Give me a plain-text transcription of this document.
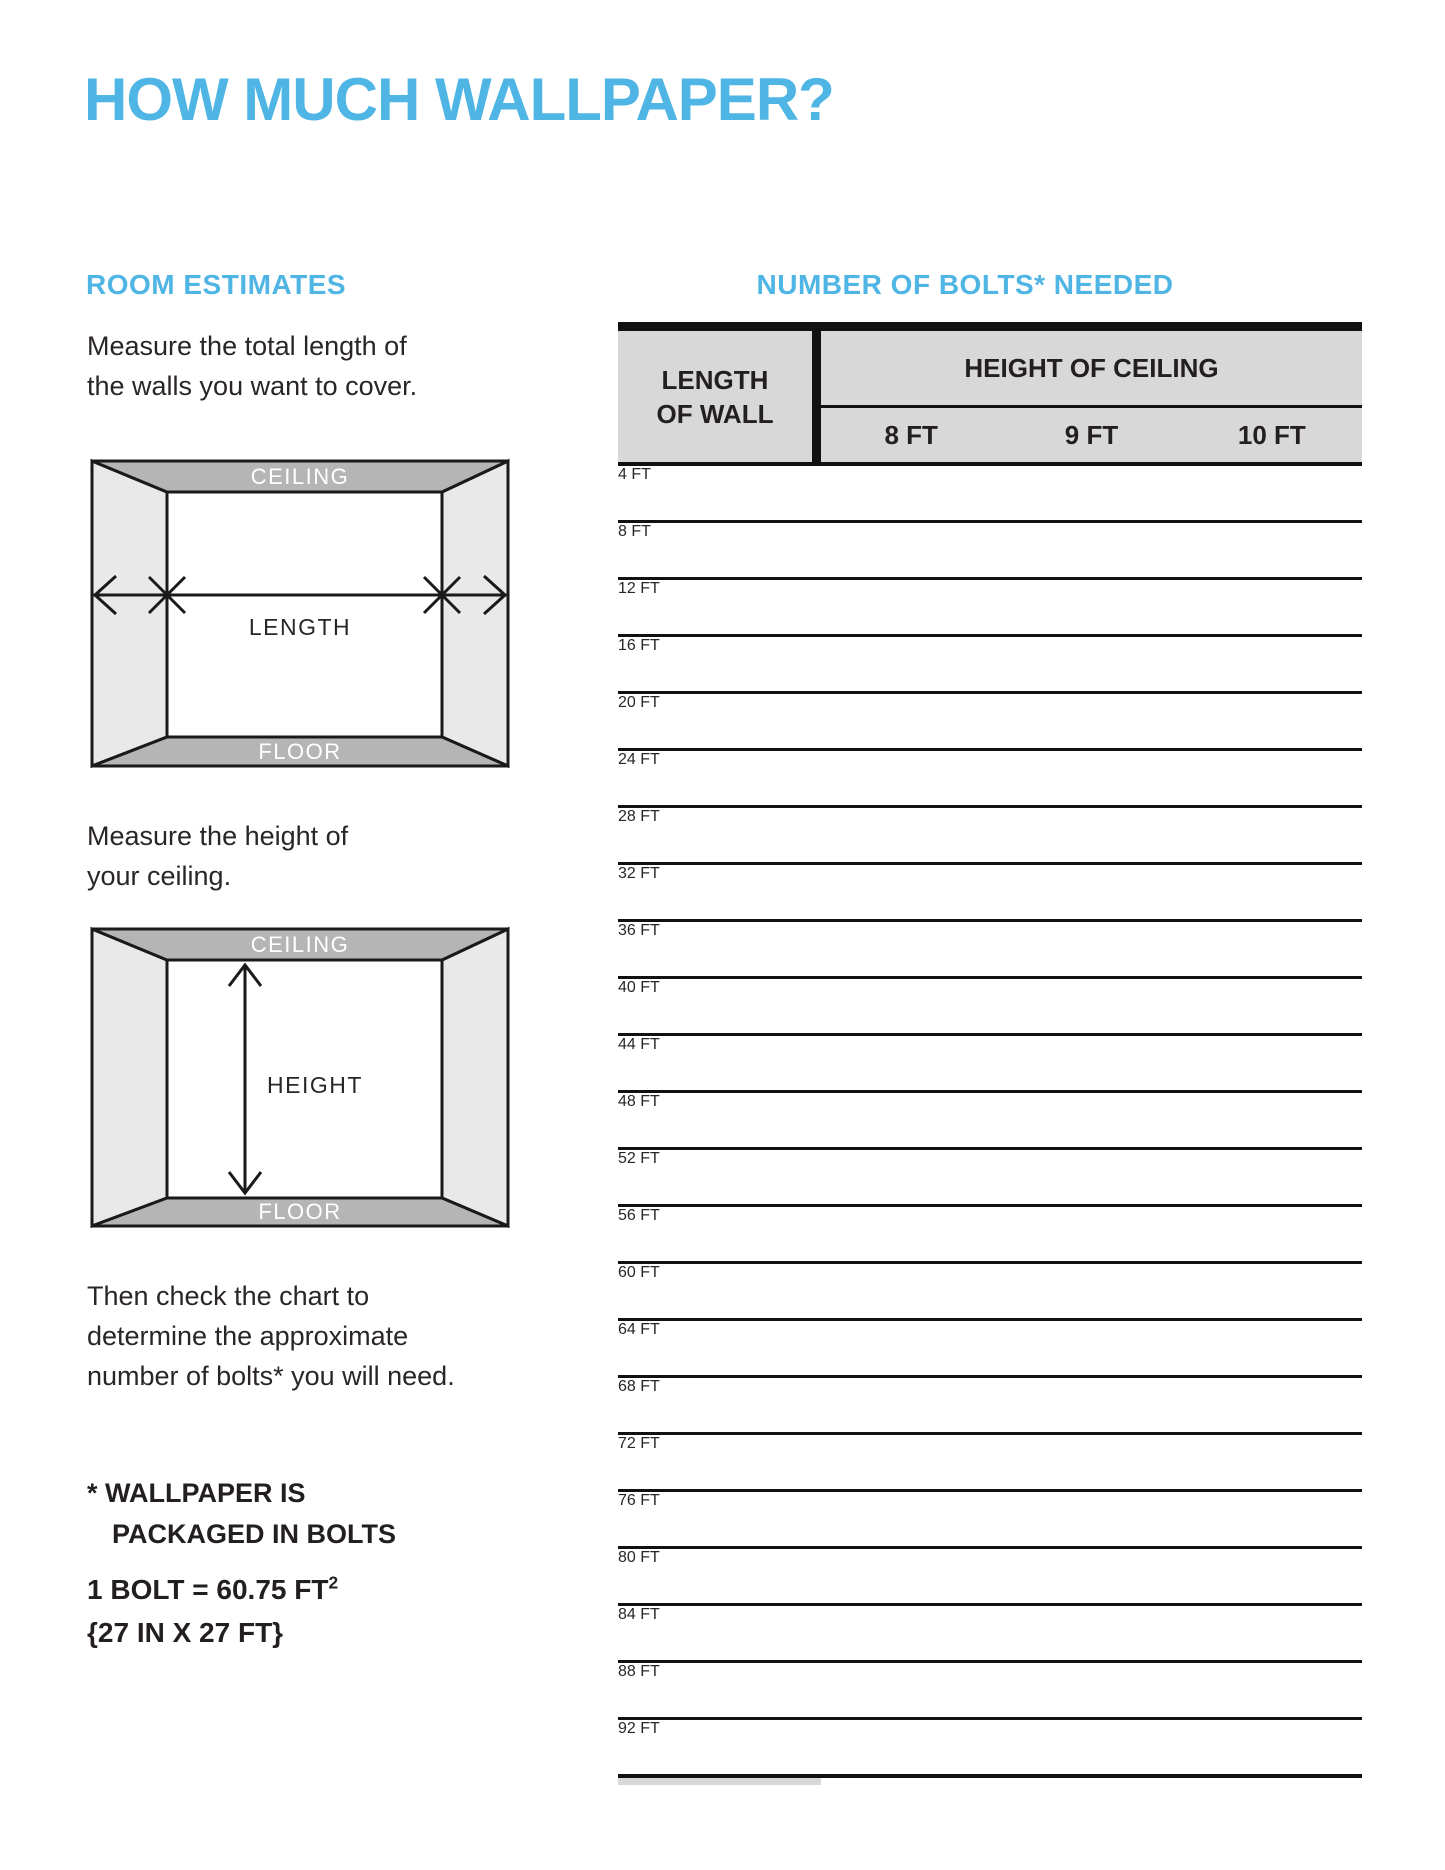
HOW MUCH WALLPAPER?
ROOM ESTIMATES	NUMBER OF BOLTS* NEEDED

Measure the total length of
the walls you want to cover.

CEILING
FLOOR
LENGTH

Measure the height of
your ceiling.

CEILING
FLOOR
HEIGHT

Then check the chart to
determine the approximate
number of bolts* you will need.

* WALLPAPER IS
PACKAGED IN BOLTS
1 BOLT = 60.75 $FT^2$
{27 IN X 27 FT}
LENGTH
OF WALL
HEIGHT OF CEILING
8 FT	9 FT	10 FT
4 FT
8 FT
12 FT
16 FT
20 FT
24 FT
28 FT
32 FT
36 FT
40 FT
44 FT
48 FT
52 FT
56 FT
60 FT
64 FT
68 FT
72 FT
76 FT
80 FT
84 FT
88 FT
92 FT
